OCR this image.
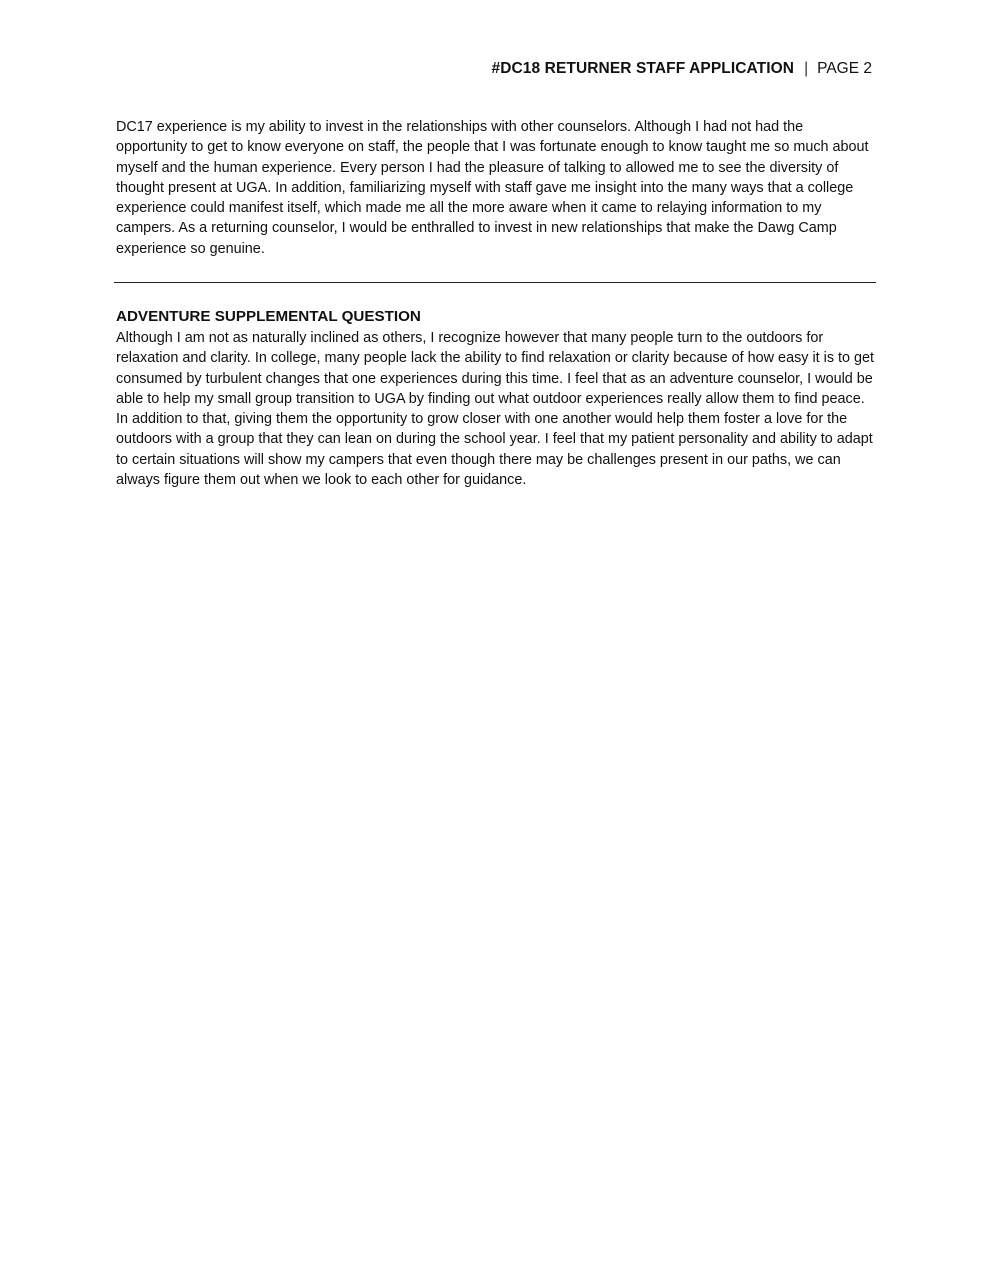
#DC18 RETURNER STAFF APPLICATION | PAGE 2

DC17 experience is my ability to invest in the relationships with other counselors. Although I had not had the opportunity to get to know everyone on staff, the people that I was fortunate enough to know taught me so much about myself and the human experience. Every person I had the pleasure of talking to allowed me to see the diversity of thought present at UGA. In addition, familiarizing myself with staff gave me insight into the many ways that a college experience could manifest itself, which made me all the more aware when it came to relaying information to my campers. As a returning counselor, I would be enthralled to invest in new relationships that make the Dawg Camp experience so genuine.

ADVENTURE SUPPLEMENTAL QUESTION

Although I am not as naturally inclined as others, I recognize however that many people turn to the outdoors for relaxation and clarity. In college, many people lack the ability to find relaxation or clarity because of how easy it is to get consumed by turbulent changes that one experiences during this time. I feel that as an adventure counselor, I would be able to help my small group transition to UGA by finding out what outdoor experiences really allow them to find peace. In addition to that, giving them the opportunity to grow closer with one another would help them foster a love for the outdoors with a group that they can lean on during the school year. I feel that my patient personality and ability to adapt to certain situations will show my campers that even though there may be challenges present in our paths, we can always figure them out when we look to each other for guidance.
